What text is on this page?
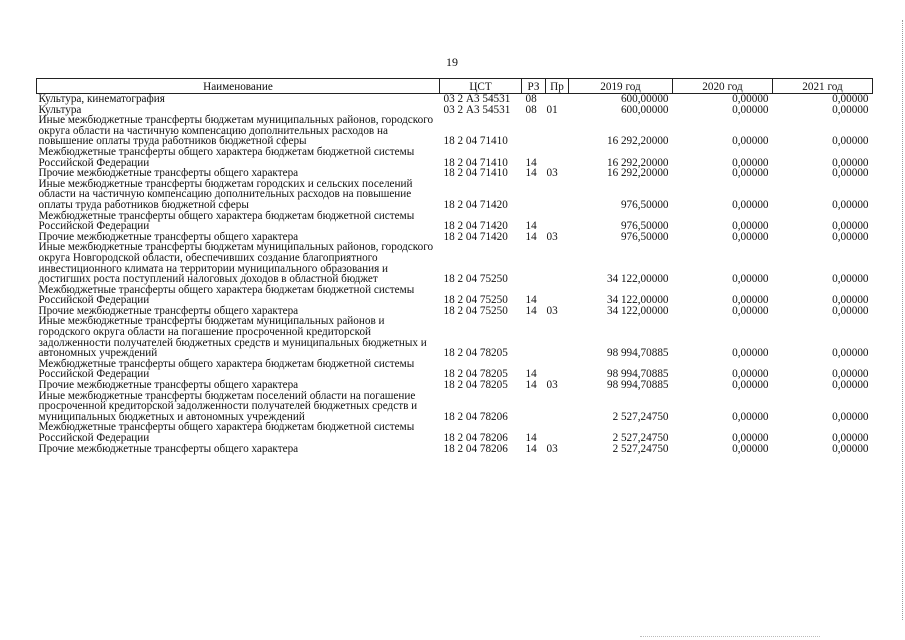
19
Наименование	ЦСТ	РЗ	Пр	2019 год	2020 год	2021 год
Культура, кинематография	03 2 А3 54531	08		600,00000	0,00000	0,00000
Культура	03 2 А3 54531	08	01	600,00000	0,00000	0,00000
Иные межбюджетные трансферты бюджетам муниципальных районов, городского округа области на частичную компенсацию дополнительных расходов на повышение оплаты труда работников бюджетной сферы	18 2 04 71410			16 292,20000	0,00000	0,00000
Межбюджетные трансферты общего характера бюджетам бюджетной системы Российской Федерации	18 2 04 71410	14		16 292,20000	0,00000	0,00000
Прочие межбюджетные трансферты общего характера	18 2 04 71410	14	03	16 292,20000	0,00000	0,00000
Иные межбюджетные трансферты бюджетам городских и сельских поселений области на частичную компенсацию дополнительных расходов на повышение оплаты труда работников бюджетной сферы	18 2 04 71420			976,50000	0,00000	0,00000
Межбюджетные трансферты общего характера бюджетам бюджетной системы Российской Федерации	18 2 04 71420	14		976,50000	0,00000	0,00000
Прочие межбюджетные трансферты общего характера	18 2 04 71420	14	03	976,50000	0,00000	0,00000
Иные межбюджетные трансферты бюджетам муниципальных районов, городского округа Новгородской области, обеспечивших создание благоприятного инвестиционного климата на территории муниципального образования и достигших роста поступлений налоговых доходов в областной бюджет	18 2 04 75250			34 122,00000	0,00000	0,00000
Межбюджетные трансферты общего характера бюджетам бюджетной системы Российской Федерации	18 2 04 75250	14		34 122,00000	0,00000	0,00000
Прочие межбюджетные трансферты общего характера	18 2 04 75250	14	03	34 122,00000	0,00000	0,00000
Иные межбюджетные трансферты бюджетам муниципальных районов и городского округа области на погашение просроченной кредиторской задолженности получателей бюджетных средств и муниципальных бюджетных и автономных учреждений	18 2 04 78205			98 994,70885	0,00000	0,00000
Межбюджетные трансферты общего характера бюджетам бюджетной системы Российской Федерации	18 2 04 78205	14		98 994,70885	0,00000	0,00000
Прочие межбюджетные трансферты общего характера	18 2 04 78205	14	03	98 994,70885	0,00000	0,00000
Иные межбюджетные трансферты бюджетам поселений области на погашение просроченной кредиторской задолженности получателей бюджетных средств и муниципальных бюджетных и автономных учреждений	18 2 04 78206			2 527,24750	0,00000	0,00000
Межбюджетные трансферты общего характера бюджетам бюджетной системы Российской Федерации	18 2 04 78206	14		2 527,24750	0,00000	0,00000
Прочие межбюджетные трансферты общего характера	18 2 04 78206	14	03	2 527,24750	0,00000	0,00000
